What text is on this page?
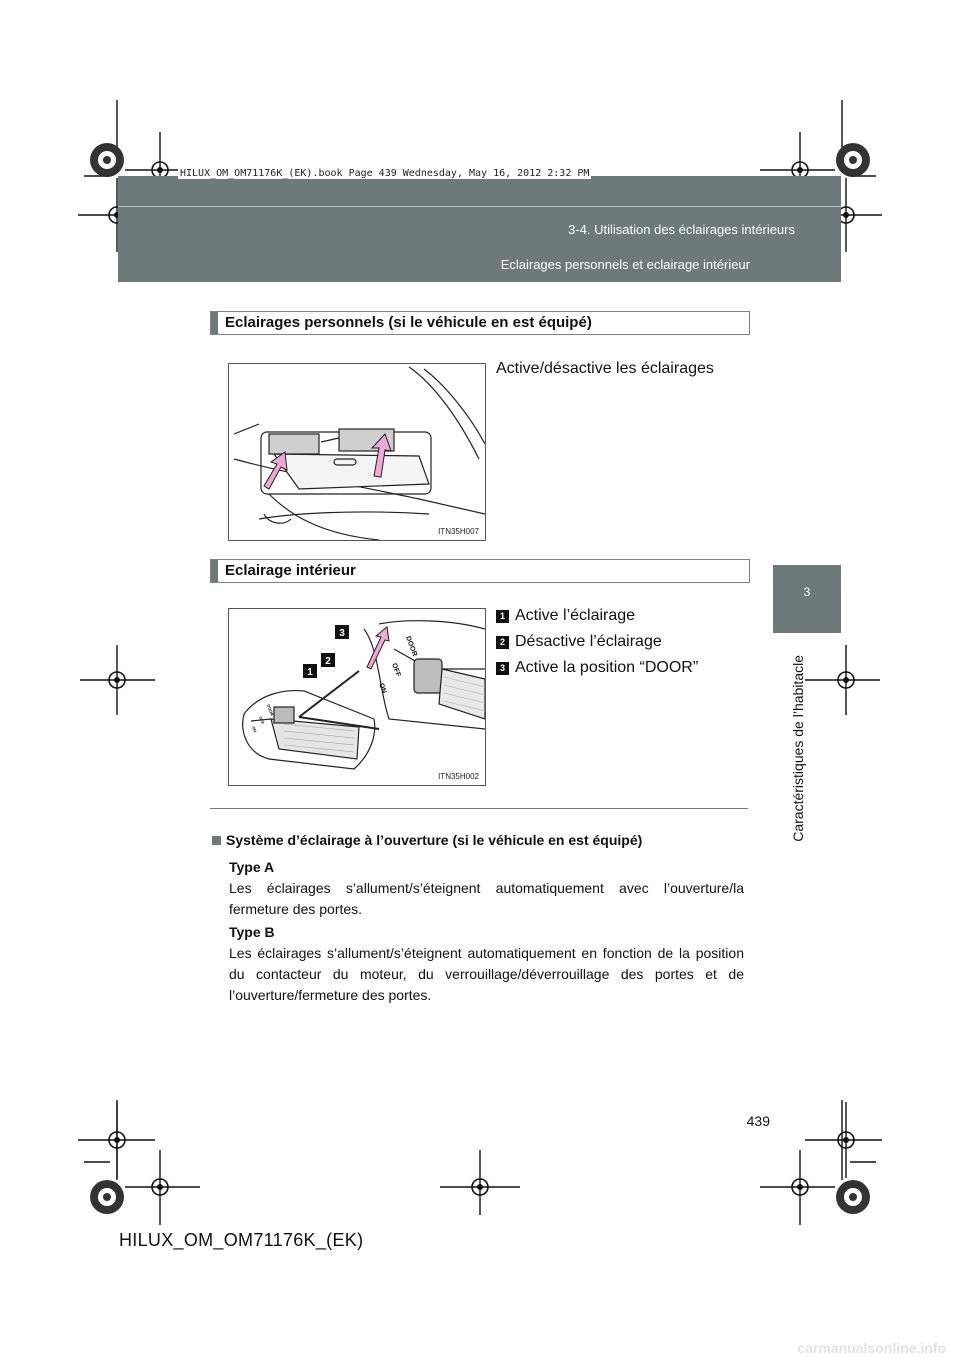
HILUX_OM_OM71176K_(EK).book Page 439 Wednesday, May 16, 2012 2:32 PM
3-4. Utilisation des éclairages intérieurs
Eclairages personnels et eclairage intérieur
3
Caractéristiques de l’habitacle
Eclairages personnels (si le véhicule en est équipé)
ITN35H007
Active/désactive les éclairages
Eclairage intérieur
ON
OFF
DOOR
ON
OFF
DOOR
3
2
1
ITN35H002
1 Active l’éclairage
2 Désactive l’éclairage
3 Active la position “DOOR”
Système d’éclairage à l’ouverture (si le véhicule en est équipé)
Type A
Les éclairages s’allument/s’éteignent automatiquement avec l’ouverture/la fermeture des portes.
Type B
Les éclairages s’allument/s’éteignent automatiquement en fonction de la position du contacteur du moteur, du verrouillage/déverrouillage des portes et de l’ouverture/fermeture des portes.
439
HILUX_OM_OM71176K_(EK)
carmanualsonline.info
